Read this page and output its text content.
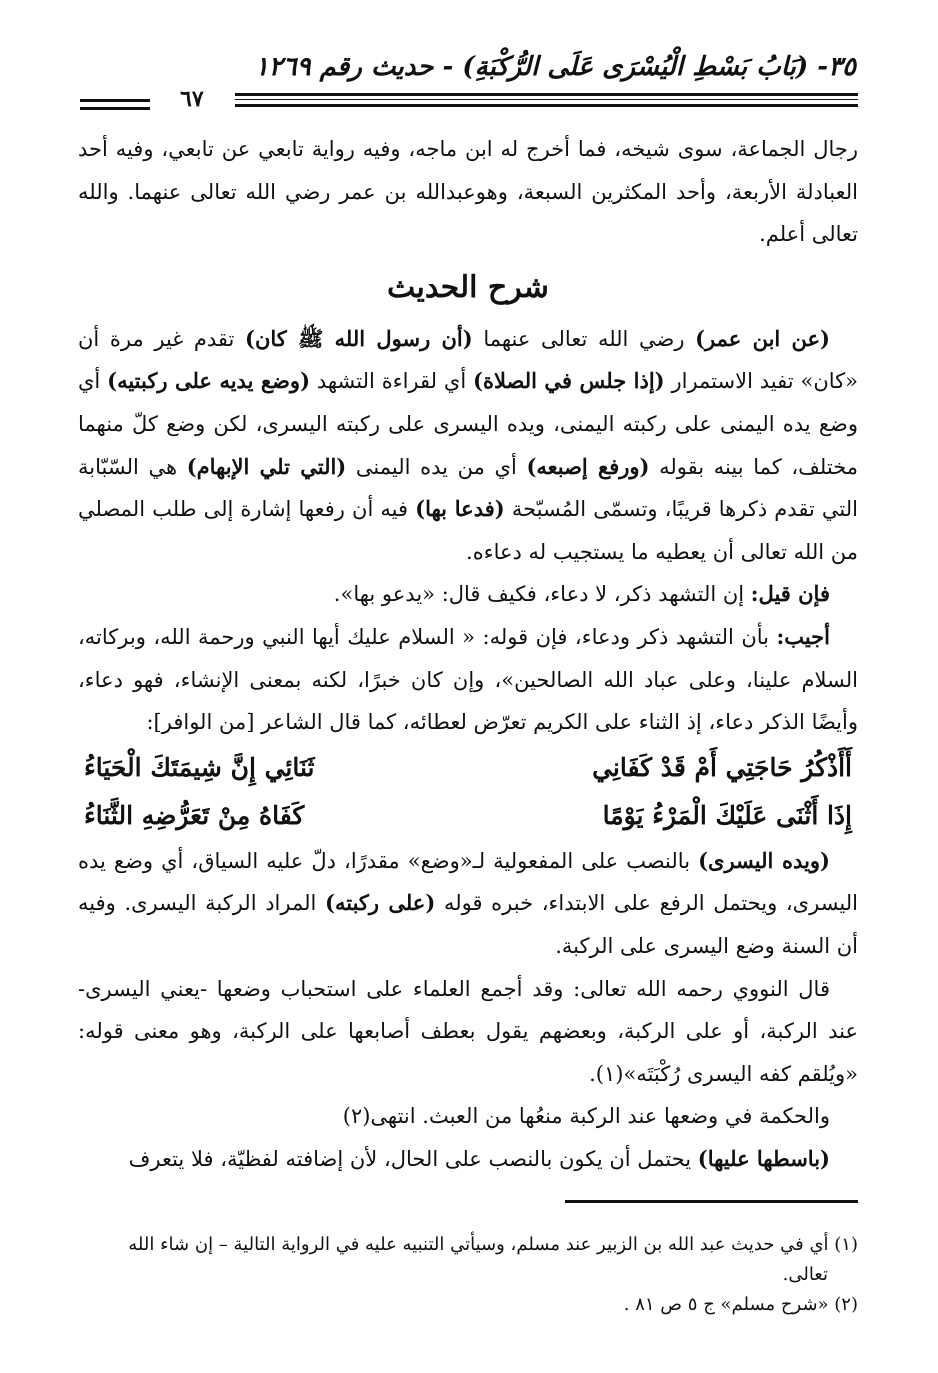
٣٥- (بَابُ بَسْطِ الْيُسْرَى عَلَى الرُّكْبَةِ) - حديث رقم ١٢٦٩
٦٧

رجال الجماعة، سوى شيخه، فما أخرج له ابن ماجه، وفيه رواية تابعي عن تابعي، وفيه أحد العبادلة الأربعة، وأحد المكثرين السبعة، وهوعبدالله بن عمر رضي الله تعالى عنهما. والله تعالى أعلم.

شرح الحديث

(عن ابن عمر) رضي الله تعالى عنهما (أن رسول الله ﷺ كان) تقدم غير مرة أن «كان» تفيد الاستمرار (إذا جلس في الصلاة) أي لقراءة التشهد (وضع يديه على ركبتيه) أي وضع يده اليمنى على ركبته اليمنى، ويده اليسرى على ركبته اليسرى، لكن وضع كلّ منهما مختلف، كما بينه بقوله (ورفع إصبعه) أي من يده اليمنى (التي تلي الإبهام) هي السّبّابة التي تقدم ذكرها قريبًا، وتسمّى المُسبّحة (فدعا بها) فيه أن رفعها إشارة إلى طلب المصلي من الله تعالى أن يعطيه ما يستجيب له دعاءه.

فإن قيل: إن التشهد ذكر، لا دعاء، فكيف قال: «يدعو بها».

أجيب: بأن التشهد ذكر ودعاء، فإن قوله: « السلام عليك أيها النبي ورحمة الله، وبركاته، السلام علينا، وعلى عباد الله الصالحين»، وإن كان خبرًا، لكنه بمعنى الإنشاء، فهو دعاء، وأيضًا الذكر دعاء، إذ الثناء على الكريم تعرّض لعطائه، كما قال الشاعر [من الوافر]:

أَأَذْكُرُ حَاجَتِي أَمْ قَدْ كَفَانِي
ثَنَائِي إِنَّ شِيمَتَكَ الْحَيَاءُ
إِذَا أَثْنَى عَلَيْكَ الْمَرْءُ يَوْمًا
كَفَاهُ مِنْ تَعَرُّضِهِ الثَّنَاءُ

(ويده اليسرى) بالنصب على المفعولية لـ«وضع» مقدرًا، دلّ عليه السياق، أي وضع يده اليسرى، ويحتمل الرفع على الابتداء، خبره قوله (على ركبته) المراد الركبة اليسرى. وفيه أن السنة وضع اليسرى على الركبة.

قال النووي رحمه الله تعالى: وقد أجمع العلماء على استحباب وضعها -يعني اليسرى- عند الركبة، أو على الركبة، وبعضهم يقول بعطف أصابعها على الركبة، وهو معنى قوله: «ويُلقم كفه اليسرى رُكْبَتَه»(١).

والحكمة في وضعها عند الركبة منعُها من العبث. انتهى(٢)

(باسطها عليها) يحتمل أن يكون بالنصب على الحال، لأن إضافته لفظيّة، فلا يتعرف

(١) أي في حديث عبد الله بن الزبير عند مسلم، وسيأتي التنبيه عليه في الرواية التالية – إن شاء الله

تعالى.

(٢) «شرح مسلم» ج ٥ ص ٨١ .
